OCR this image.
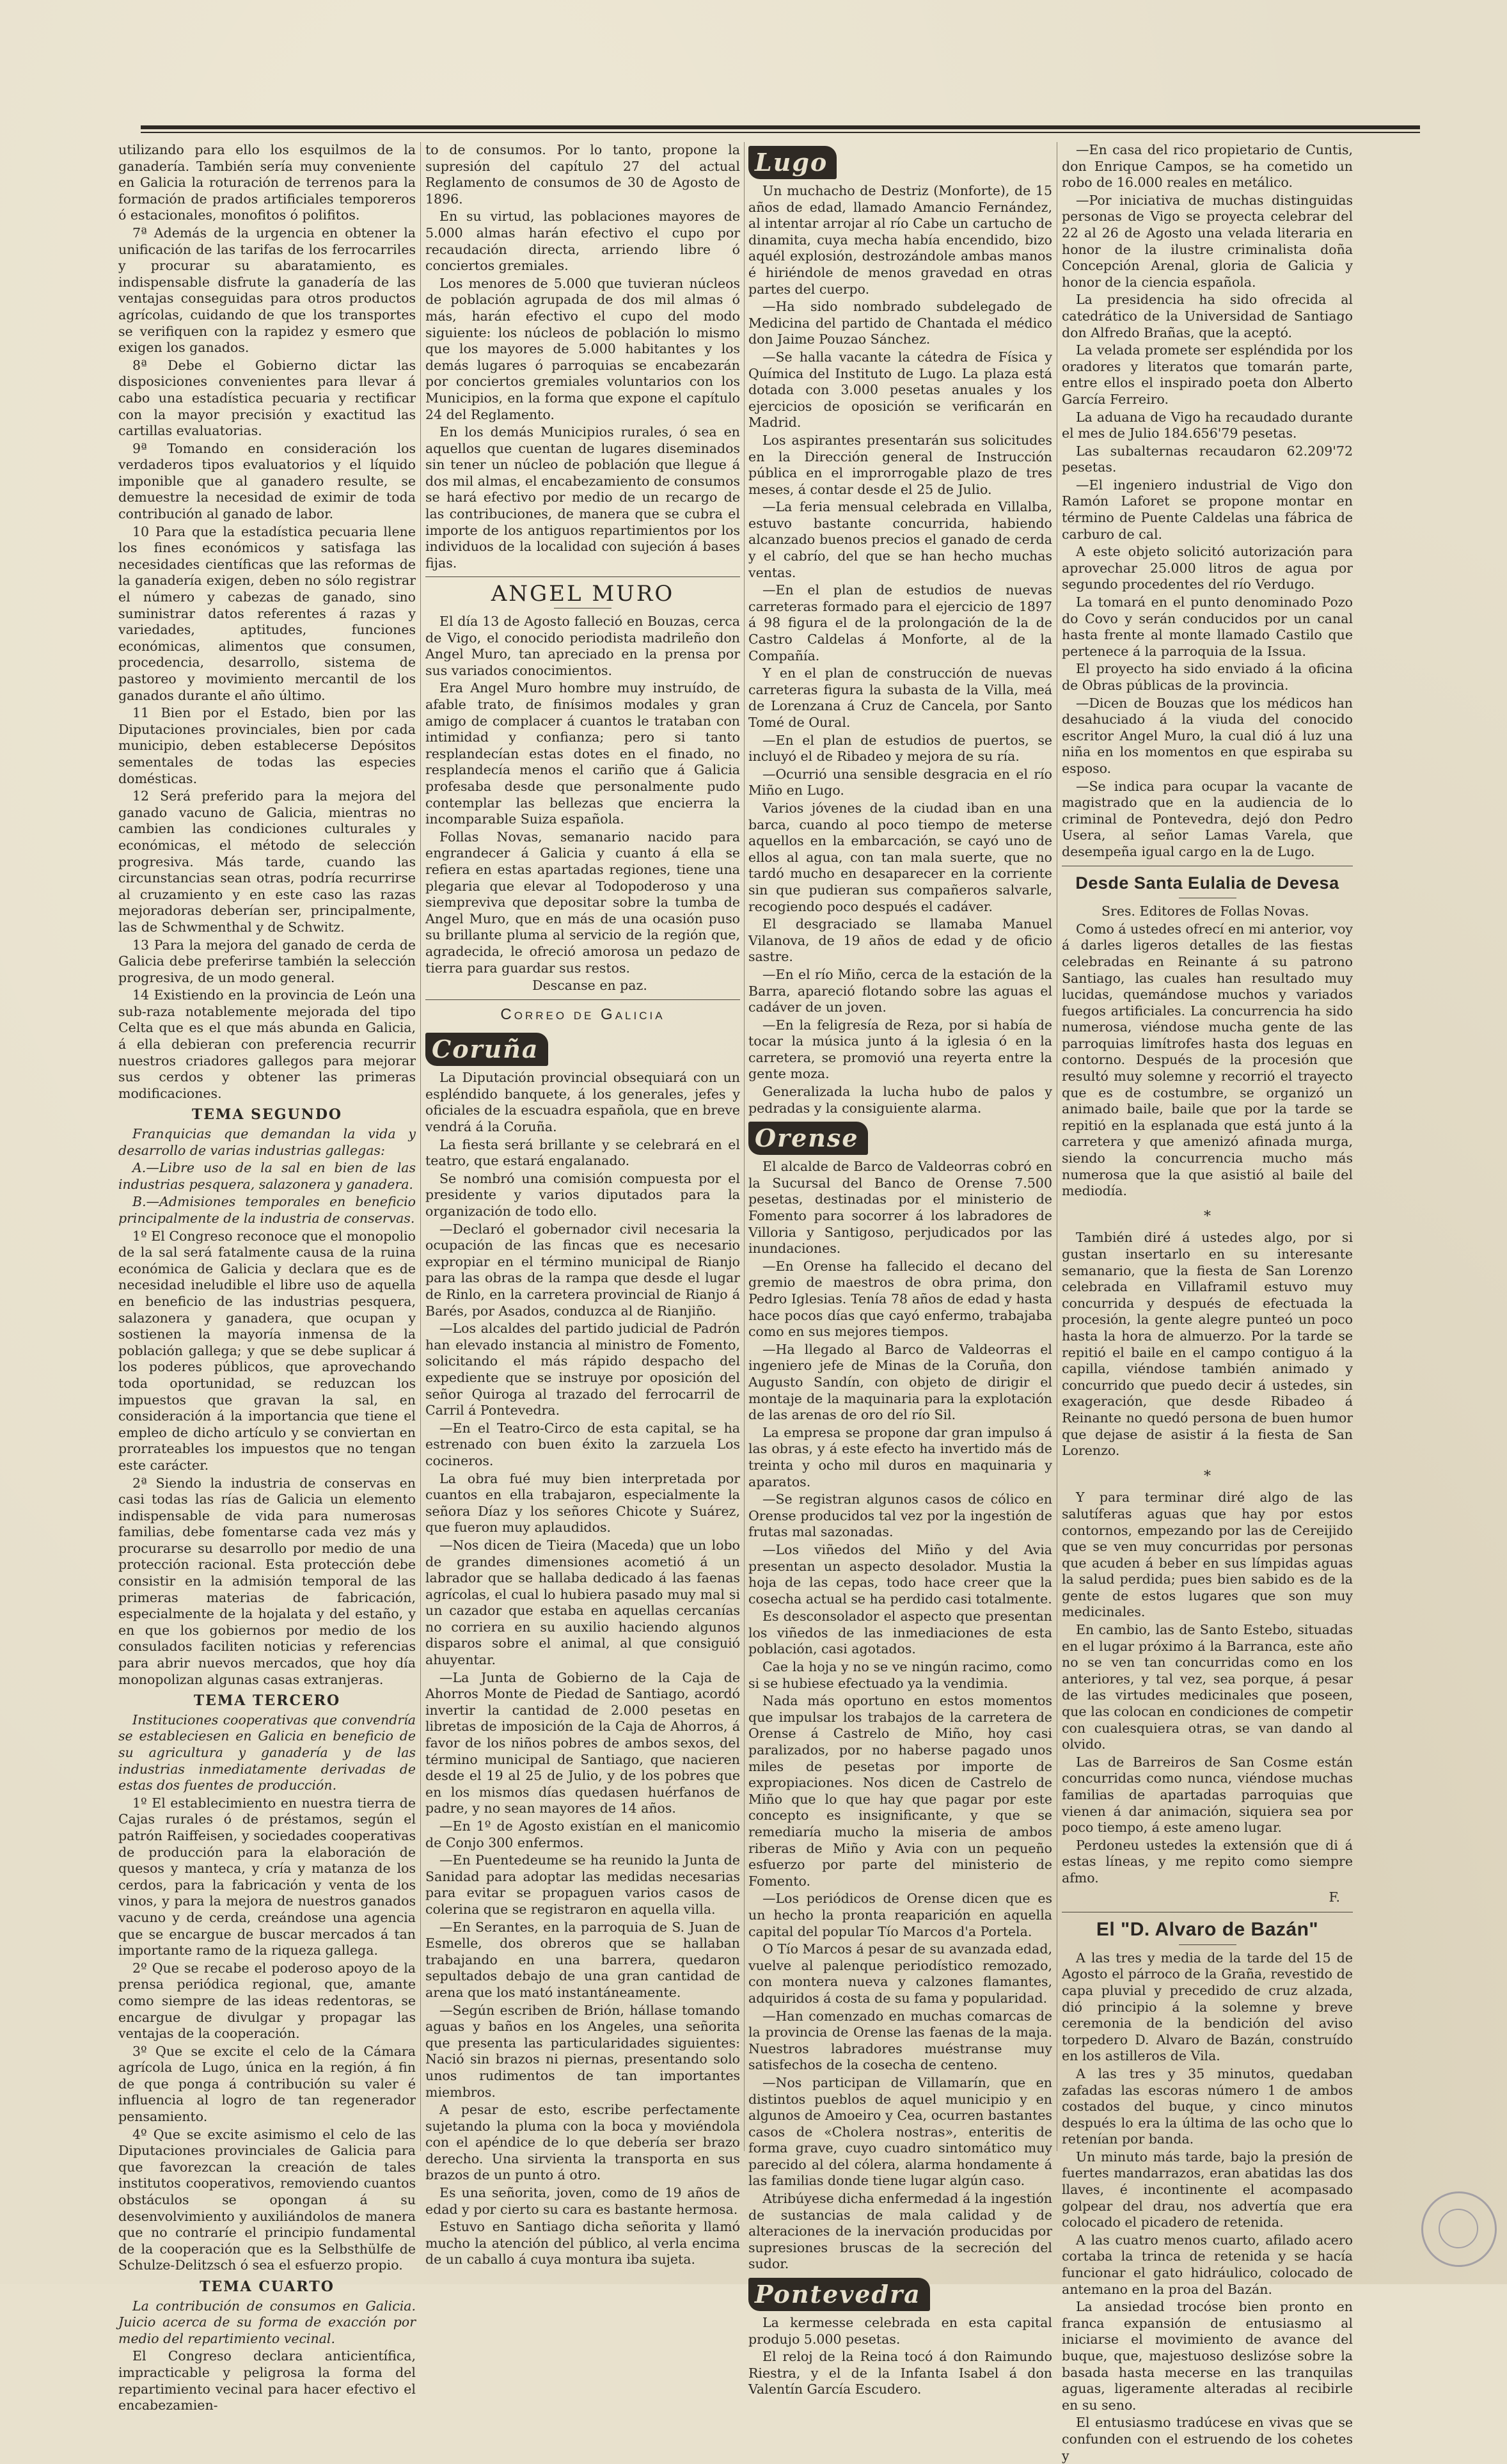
utilizando para ello los esquilmos de la ganadería. También sería muy conveniente en Galicia la roturación de terrenos para la formación de prados artificiales temporeros ó estacionales, monofitos ó polifitos.

7ª Además de la urgencia en obtener la unificación de las tarifas de los ferrocarriles y procurar su abaratamiento, es indispensable disfrute la ganadería de las ventajas conseguidas para otros productos agrícolas, cuidando de que los transportes se verifiquen con la rapidez y esmero que exigen los ganados.

8ª Debe el Gobierno dictar las disposiciones convenientes para llevar á cabo una estadística pecuaria y rectificar con la mayor precisión y exactitud las cartillas evaluatorias.

9ª Tomando en consideración los verdaderos tipos evaluatorios y el líquido imponible que al ganadero resulte, se demuestre la necesidad de eximir de toda contribución al ganado de labor.

10 Para que la estadística pecuaria llene los fines económicos y satisfaga las necesidades científicas que las reformas de la ganadería exigen, deben no sólo registrar el número y cabezas de ganado, sino suministrar datos referentes á razas y variedades, aptitudes, funciones económicas, alimentos que consumen, procedencia, desarrollo, sistema de pastoreo y movimiento mercantil de los ganados durante el año último.

11 Bien por el Estado, bien por las Diputaciones provinciales, bien por cada municipio, deben establecerse Depósitos sementales de todas las especies domésticas.

12 Será preferido para la mejora del ganado vacuno de Galicia, mientras no cambien las condiciones culturales y económicas, el método de selección progresiva. Más tarde, cuando las circunstancias sean otras, podría recurrirse al cruzamiento y en este caso las razas mejoradoras deberían ser, principalmente, las de Schwmenthal y de Schwitz.

13 Para la mejora del ganado de cerda de Galicia debe preferirse también la selección progresiva, de un modo general.

14 Existiendo en la provincia de León una sub-raza notablemente mejorada del tipo Celta que es el que más abunda en Galicia, á ella debieran con preferencia recurrir nuestros criadores gallegos para mejorar sus cerdos y obtener las primeras modificaciones.

TEMA SEGUNDO

Franquicias que demandan la vida y desarrollo de varias industrias gallegas:

A.—Libre uso de la sal en bien de las industrias pesquera, salazonera y ganadera.

B.—Admisiones temporales en beneficio principalmente de la industria de conservas.

1º El Congreso reconoce que el monopolio de la sal será fatalmente causa de la ruina económica de Galicia y declara que es de necesidad ineludible el libre uso de aquella en beneficio de las industrias pesquera, salazonera y ganadera, que ocupan y sostienen la mayoría inmensa de la población gallega; y que se debe suplicar á los poderes públicos, que aprovechando toda oportunidad, se reduzcan los impuestos que gravan la sal, en consideración á la importancia que tiene el empleo de dicho artículo y se conviertan en prorrateables los impuestos que no tengan este carácter.

2ª Siendo la industria de conservas en casi todas las rías de Galicia un elemento indispensable de vida para numerosas familias, debe fomentarse cada vez más y procurarse su desarrollo por medio de una protección racional. Esta protección debe consistir en la admisión temporal de las primeras materias de fabricación, especialmente de la hojalata y del estaño, y en que los gobiernos por medio de los consulados faciliten noticias y referencias para abrir nuevos mercados, que hoy día monopolizan algunas casas extranjeras.

TEMA TERCERO

Instituciones cooperativas que convendría se estableciesen en Galicia en beneficio de su agricultura y ganadería y de las industrias inmediatamente derivadas de estas dos fuentes de producción.

1º El establecimiento en nuestra tierra de Cajas rurales ó de préstamos, según el patrón Raiffeisen, y sociedades cooperativas de producción para la elaboración de quesos y manteca, y cría y matanza de los cerdos, para la fabricación y venta de los vinos, y para la mejora de nuestros ganados vacuno y de cerda, creándose una agencia que se encargue de buscar mercados á tan importante ramo de la riqueza gallega.

2º Que se recabe el poderoso apoyo de la prensa periódica regional, que, amante como siempre de las ideas redentoras, se encargue de divulgar y propagar las ventajas de la cooperación.

3º Que se excite el celo de la Cámara agrícola de Lugo, única en la región, á fin de que ponga á contribución su valer é influencia al logro de tan regenerador pensamiento.

4º Que se excite asimismo el celo de las Diputaciones provinciales de Galicia para que favorezcan la creación de tales institutos cooperativos, removiendo cuantos obstáculos se opongan á su desenvolvimiento y auxiliándolos de manera que no contraríe el principio fundamental de la cooperación que es la Selbsthülfe de Schulze-Delitzsch ó sea el esfuerzo propio.

TEMA CUARTO

La contribución de consumos en Galicia. Juicio acerca de su forma de exacción por medio del repartimiento vecinal.

El Congreso declara anticientífica, impracticable y peligrosa la forma del repartimiento vecinal para hacer efectivo el encabezamien-

to de consumos. Por lo tanto, propone la supresión del capítulo 27 del actual Reglamento de consumos de 30 de Agosto de 1896.

En su virtud, las poblaciones mayores de 5.000 almas harán efectivo el cupo por recaudación directa, arriendo libre ó conciertos gremiales.

Los menores de 5.000 que tuvieran núcleos de población agrupada de dos mil almas ó más, harán efectivo el cupo del modo siguiente: los núcleos de población lo mismo que los mayores de 5.000 habitantes y los demás lugares ó parroquias se encabezarán por conciertos gremiales voluntarios con los Municipios, en la forma que expone el capítulo 24 del Reglamento.

En los demás Municipios rurales, ó sea en aquellos que cuentan de lugares diseminados sin tener un núcleo de población que llegue á dos mil almas, el encabezamiento de consumos se hará efectivo por medio de un recargo de las contribuciones, de manera que se cubra el importe de los antiguos repartimientos por los individuos de la localidad con sujeción á bases fijas.

ANGEL MURO

El día 13 de Agosto falleció en Bouzas, cerca de Vigo, el conocido periodista madrileño don Angel Muro, tan apreciado en la prensa por sus variados conocimientos.

Era Angel Muro hombre muy instruído, de afable trato, de finísimos modales y gran amigo de complacer á cuantos le trataban con intimidad y confianza; pero si tanto resplandecían estas dotes en el finado, no resplandecía menos el cariño que á Galicia profesaba desde que personalmente pudo contemplar las bellezas que encierra la incomparable Suiza española.

Follas Novas, semanario nacido para engrandecer á Galicia y cuanto á ella se refiera en estas apartadas regiones, tiene una plegaria que elevar al Todopoderoso y una siempreviva que depositar sobre la tumba de Angel Muro, que en más de una ocasión puso su brillante pluma al servicio de la región que, agradecida, le ofreció amorosa un pedazo de tierra para guardar sus restos.

Descanse en paz.

Correo de Galicia
Coruña

La Diputación provincial obsequiará con un espléndido banquete, á los generales, jefes y oficiales de la escuadra española, que en breve vendrá á la Coruña.

La fiesta será brillante y se celebrará en el teatro, que estará engalanado.

Se nombró una comisión compuesta por el presidente y varios diputados para la organización de todo ello.

—Declaró el gobernador civil necesaria la ocupación de las fincas que es necesario expropiar en el término municipal de Rianjo para las obras de la rampa que desde el lugar de Rinlo, en la carretera provincial de Rianjo á Barés, por Asados, conduzca al de Rianjiño.

—Los alcaldes del partido judicial de Padrón han elevado instancia al ministro de Fomento, solicitando el más rápido despacho del expediente que se instruye por oposición del señor Quiroga al trazado del ferrocarril de Carril á Pontevedra.

—En el Teatro-Circo de esta capital, se ha estrenado con buen éxito la zarzuela Los cocineros.

La obra fué muy bien interpretada por cuantos en ella trabajaron, especialmente la señora Díaz y los señores Chicote y Suárez, que fueron muy aplaudidos.

—Nos dicen de Tieira (Maceda) que un lobo de grandes dimensiones acometió á un labrador que se hallaba dedicado á las faenas agrícolas, el cual lo hubiera pasado muy mal si un cazador que estaba en aquellas cercanías no corriera en su auxilio haciendo algunos disparos sobre el animal, al que consiguió ahuyentar.

—La Junta de Gobierno de la Caja de Ahorros Monte de Piedad de Santiago, acordó invertir la cantidad de 2.000 pesetas en libretas de imposición de la Caja de Ahorros, á favor de los niños pobres de ambos sexos, del término municipal de Santiago, que nacieren desde el 19 al 25 de Julio, y de los pobres que en los mismos días quedasen huérfanos de padre, y no sean mayores de 14 años.

—En 1º de Agosto existían en el manicomio de Conjo 300 enfermos.

—En Puentedeume se ha reunido la Junta de Sanidad para adoptar las medidas necesarias para evitar se propaguen varios casos de colerina que se registraron en aquella villa.

—En Serantes, en la parroquia de S. Juan de Esmelle, dos obreros que se hallaban trabajando en una barrera, quedaron sepultados debajo de una gran cantidad de arena que los mató instantáneamente.

—Según escriben de Brión, hállase tomando aguas y baños en los Angeles, una señorita que presenta las particularidades siguientes: Nació sin brazos ni piernas, presentando solo unos rudimentos de tan importantes miembros.

A pesar de esto, escribe perfectamente sujetando la pluma con la boca y moviéndola con el apéndice de lo que debería ser brazo derecho. Una sirvienta la transporta en sus brazos de un punto á otro.

Es una señorita, joven, como de 19 años de edad y por cierto su cara es bastante hermosa.

Estuvo en Santiago dicha señorita y llamó mucho la atención del público, al verla encima de un caballo á cuya montura iba sujeta.

Lugo

Un muchacho de Destriz (Monforte), de 15 años de edad, llamado Amancio Fernández, al intentar arrojar al río Cabe un cartucho de dinamita, cuya mecha había encendido, bizo aquél explosión, destrozándole ambas manos é hiriéndole de menos gravedad en otras partes del cuerpo.

—Ha sido nombrado subdelegado de Medicina del partido de Chantada el médico don Jaime Pouzao Sánchez.

—Se halla vacante la cátedra de Física y Química del Instituto de Lugo. La plaza está dotada con 3.000 pesetas anuales y los ejercicios de oposición se verificarán en Madrid.

Los aspirantes presentarán sus solicitudes en la Dirección general de Instrucción pública en el improrrogable plazo de tres meses, á contar desde el 25 de Julio.

—La feria mensual celebrada en Villalba, estuvo bastante concurrida, habiendo alcanzado buenos precios el ganado de cerda y el cabrío, del que se han hecho muchas ventas.

—En el plan de estudios de nuevas carreteras formado para el ejercicio de 1897 á 98 figura el de la prolongación de la de Castro Caldelas á Monforte, al de la Compañía.

Y en el plan de construcción de nuevas carreteras figura la subasta de la Villa, meá de Lorenzana á Cruz de Cancela, por Santo Tomé de Oural.

—En el plan de estudios de puertos, se incluyó el de Ribadeo y mejora de su ría.

—Ocurrió una sensible desgracia en el río Miño en Lugo.

Varios jóvenes de la ciudad iban en una barca, cuando al poco tiempo de meterse aquellos en la embarcación, se cayó uno de ellos al agua, con tan mala suerte, que no tardó mucho en desaparecer en la corriente sin que pudieran sus compañeros salvarle, recogiendo poco después el cadáver.

El desgraciado se llamaba Manuel Vilanova, de 19 años de edad y de oficio sastre.

—En el río Miño, cerca de la estación de la Barra, apareció flotando sobre las aguas el cadáver de un joven.

—En la feligresía de Reza, por si había de tocar la música junto á la iglesia ó en la carretera, se promovió una reyerta entre la gente moza.

Generalizada la lucha hubo de palos y pedradas y la consiguiente alarma.

Orense

El alcalde de Barco de Valdeorras cobró en la Sucursal del Banco de Orense 7.500 pesetas, destinadas por el ministerio de Fomento para socorrer á los labradores de Villoria y Santigoso, perjudicados por las inundaciones.

—En Orense ha fallecido el decano del gremio de maestros de obra prima, don Pedro Iglesias. Tenía 78 años de edad y hasta hace pocos días que cayó enfermo, trabajaba como en sus mejores tiempos.

—Ha llegado al Barco de Valdeorras el ingeniero jefe de Minas de la Coruña, don Augusto Sandín, con objeto de dirigir el montaje de la maquinaria para la explotación de las arenas de oro del río Sil.

La empresa se propone dar gran impulso á las obras, y á este efecto ha invertido más de treinta y ocho mil duros en maquinaria y aparatos.

—Se registran algunos casos de cólico en Orense producidos tal vez por la ingestión de frutas mal sazonadas.

—Los viñedos del Miño y del Avia presentan un aspecto desolador. Mustia la hoja de las cepas, todo hace creer que la cosecha actual se ha perdido casi totalmente.

Es desconsolador el aspecto que presentan los viñedos de las inmediaciones de esta población, casi agotados.

Cae la hoja y no se ve ningún racimo, como si se hubiese efectuado ya la vendimia.

Nada más oportuno en estos momentos que impulsar los trabajos de la carretera de Orense á Castrelo de Miño, hoy casi paralizados, por no haberse pagado unos miles de pesetas por importe de expropiaciones. Nos dicen de Castrelo de Miño que lo que hay que pagar por este concepto es insignificante, y que se remediaría mucho la miseria de ambos riberas de Miño y Avia con un pequeño esfuerzo por parte del ministerio de Fomento.

—Los periódicos de Orense dicen que es un hecho la pronta reaparición en aquella capital del popular Tío Marcos d'a Portela.

O Tío Marcos á pesar de su avanzada edad, vuelve al palenque periodístico remozado, con montera nueva y calzones flamantes, adquiridos á costa de su fama y popularidad.

—Han comenzado en muchas comarcas de la provincia de Orense las faenas de la maja. Nuestros labradores muéstranse muy satisfechos de la cosecha de centeno.

—Nos participan de Villamarín, que en distintos pueblos de aquel municipio y en algunos de Amoeiro y Cea, ocurren bastantes casos de «Cholera nostras», enteritis de forma grave, cuyo cuadro sintomático muy parecido al del cólera, alarma hondamente á las familias donde tiene lugar algún caso.

Atribúyese dicha enfermedad á la ingestión de sustancias de mala calidad y de alteraciones de la inervación producidas por supresiones bruscas de la secreción del sudor.

Pontevedra

La kermesse celebrada en esta capital produjo 5.000 pesetas.

El reloj de la Reina tocó á don Raimundo Riestra, y el de la Infanta Isabel á don Valentín García Escudero.

—En casa del rico propietario de Cuntis, don Enrique Campos, se ha cometido un robo de 16.000 reales en metálico.

—Por iniciativa de muchas distinguidas personas de Vigo se proyecta celebrar del 22 al 26 de Agosto una velada literaria en honor de la ilustre criminalista doña Concepción Arenal, gloria de Galicia y honor de la ciencia española.

La presidencia ha sido ofrecida al catedrático de la Universidad de Santiago don Alfredo Brañas, que la aceptó.

La velada promete ser espléndida por los oradores y literatos que tomarán parte, entre ellos el inspirado poeta don Alberto García Ferreiro.

La aduana de Vigo ha recaudado durante el mes de Julio 184.656'79 pesetas.

Las subalternas recaudaron 62.209'72 pesetas.

—El ingeniero industrial de Vigo don Ramón Laforet se propone montar en término de Puente Caldelas una fábrica de carburo de cal.

A este objeto solicitó autorización para aprovechar 25.000 litros de agua por segundo procedentes del río Verdugo.

La tomará en el punto denominado Pozo do Covo y serán conducidos por un canal hasta frente al monte llamado Castilo que pertenece á la parroquia de la Issua.

El proyecto ha sido enviado á la oficina de Obras públicas de la provincia.

—Dicen de Bouzas que los médicos han desahuciado á la viuda del conocido escritor Angel Muro, la cual dió á luz una niña en los momentos en que espiraba su esposo.

—Se indica para ocupar la vacante de magistrado que en la audiencia de lo criminal de Pontevedra, dejó don Pedro Usera, al señor Lamas Varela, que desempeña igual cargo en la de Lugo.

Desde Santa Eulalia de Devesa

Sres. Editores de Follas Novas.

Como á ustedes ofrecí en mi anterior, voy á darles ligeros detalles de las fiestas celebradas en Reinante á su patrono Santiago, las cuales han resultado muy lucidas, quemándose muchos y variados fuegos artificiales. La concurrencia ha sido numerosa, viéndose mucha gente de las parroquias limítrofes hasta dos leguas en contorno. Después de la procesión que resultó muy solemne y recorrió el trayecto que es de costumbre, se organizó un animado baile, baile que por la tarde se repitió en la esplanada que está junto á la carretera y que amenizó afinada murga, siendo la concurrencia mucho más numerosa que la que asistió al baile del mediodía.

*

También diré á ustedes algo, por si gustan insertarlo en su interesante semanario, que la fiesta de San Lorenzo celebrada en Villaframil estuvo muy concurrida y después de efectuada la procesión, la gente alegre punteó un poco hasta la hora de almuerzo. Por la tarde se repitió el baile en el campo contiguo á la capilla, viéndose también animado y concurrido que puedo decir á ustedes, sin exageración, que desde Ribadeo á Reinante no quedó persona de buen humor que dejase de asistir á la fiesta de San Lorenzo.

*

Y para terminar diré algo de las salutíferas aguas que hay por estos contornos, empezando por las de Cereijido que se ven muy concurridas por personas que acuden á beber en sus límpidas aguas la salud perdida; pues bien sabido es de la gente de estos lugares que son muy medicinales.

En cambio, las de Santo Estebo, situadas en el lugar próximo á la Barranca, este año no se ven tan concurridas como en los anteriores, y tal vez, sea porque, á pesar de las virtudes medicinales que poseen, que las colocan en condiciones de competir con cualesquiera otras, se van dando al olvido.

Las de Barreiros de San Cosme están concurridas como nunca, viéndose muchas familias de apartadas parroquias que vienen á dar animación, siquiera sea por poco tiempo, á este ameno lugar.

Perdoneu ustedes la extensión que di á estas líneas, y me repito como siempre afmo.

F.
El "D. Alvaro de Bazán"

A las tres y media de la tarde del 15 de Agosto el párroco de la Graña, revestido de capa pluvial y precedido de cruz alzada, dió principio á la solemne y breve ceremonia de la bendición del aviso torpedero D. Alvaro de Bazán, construído en los astilleros de Vila.

A las tres y 35 minutos, quedaban zafadas las escoras número 1 de ambos costados del buque, y cinco minutos después lo era la última de las ocho que lo retenían por banda.

Un minuto más tarde, bajo la presión de fuertes mandarrazos, eran abatidas las dos llaves, é incontinente el acompasado golpear del drau, nos advertía que era colocado el picadero de retenida.

A las cuatro menos cuarto, afilado acero cortaba la trinca de retenida y se hacía funcionar el gato hidráulico, colocado de antemano en la proa del Bazán.

La ansiedad trocóse bien pronto en franca expansión de entusiasmo al iniciarse el movimiento de avance del buque, que, majestuoso deslizóse sobre la basada hasta mecerse en las tranquilas aguas, ligeramente alteradas al recibirle en su seno.

El entusiasmo tradúcese en vivas que se confunden con el estruendo de los cohetes y
